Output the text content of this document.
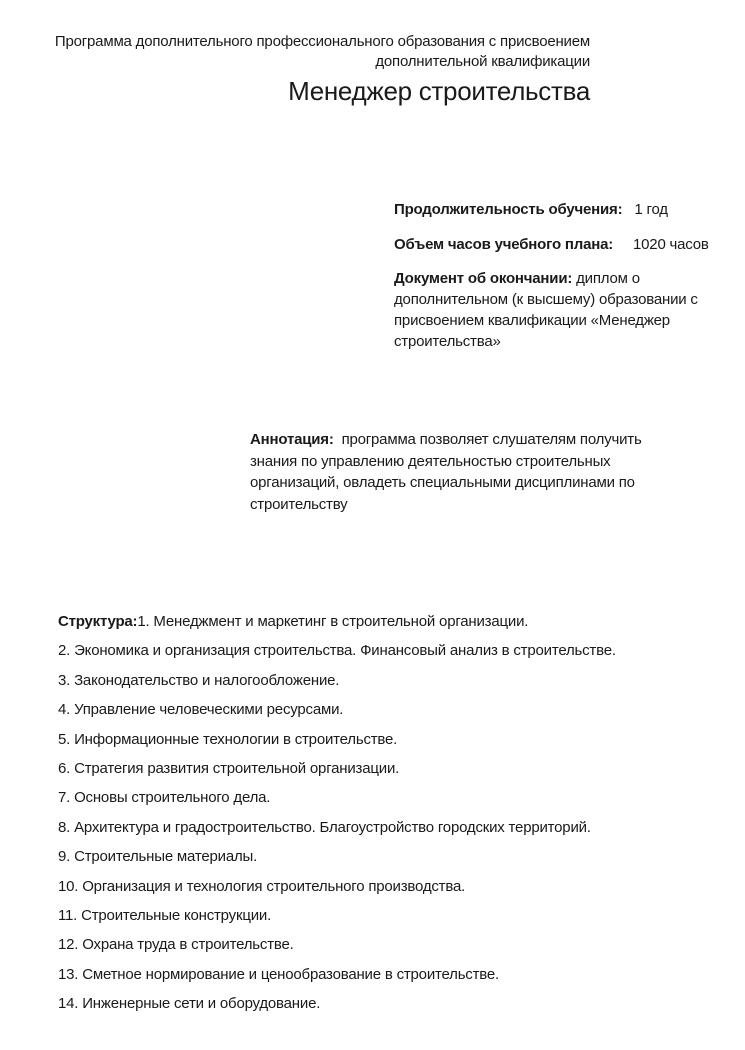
Программа дополнительного профессионального образования с присвоением
дополнительной квалификации
Менеджер строительства
Продолжительность обучения: 1 год
Объем часов учебного плана: 1020 часов
Документ об окончании: диплом о дополнительном (к высшему) образовании с присвоением квалификации «Менеджер строительства»
Аннотация: программа позволяет слушателям получить знания по управлению деятельностью строительных организаций, овладеть специальными дисциплинами по строительству
Структура:1. Менеджмент и маркетинг в строительной организации.
2. Экономика и организация строительства. Финансовый анализ в строительстве.
3. Законодательство и налогообложение.
4. Управление человеческими ресурсами.
5. Информационные технологии в строительстве.
6. Стратегия развития строительной организации.
7. Основы строительного дела.
8. Архитектура и градостроительство. Благоустройство городских территорий.
9. Строительные материалы.
10. Организация и технология строительного производства.
11. Строительные конструкции.
12. Охрана труда в строительстве.
13. Сметное нормирование и ценообразование в строительстве.
14. Инженерные сети и оборудование.
